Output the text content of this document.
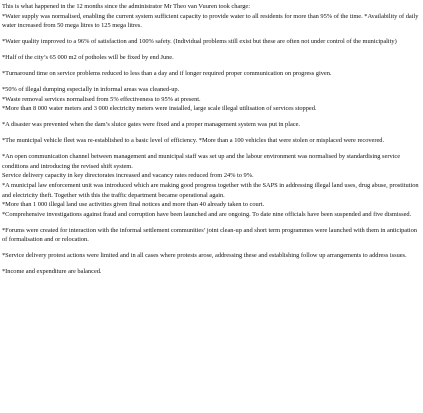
This is what happened in the 12 months since the administrator Mr Theo van Vuuren took charge:

*Water supply was normalised, enabling the current system sufficient capacity to provide water to all residents for more than 95% of the time. *Availability of daily water increased from 50 mega litres to 125 mega litres.

*Water quality improved to a 96% of satisfaction and 100% safety. (Individual problems still exist but these are often not under control of the municipality)

*Half of the city’s 65 000 m2 of potholes will be fixed by end June.

*Turnaround time on service problems reduced to less than a day and if longer required proper communication on progress given.

*50% of illegal dumping especially in informal areas was cleaned-up.

*Waste removal services normalised from 5% effectiveness to 95% at present.

*More than 8 000 water meters and 3 000 electricity meters were installed, large scale illegal utilisation of services stopped.

*A disaster was prevented when the dam’s sluice gates were fixed and a proper management system was put in place.

*The municipal vehicle fleet was re-established to a basic level of efficiency. *More than a 100 vehicles that were stolen or misplaced were recovered.

*An open communication channel between management and municipal staff was set up and the labour environment was normalised by standardising service conditions and introducing the revised shift system.

Service delivery capacity in key directorates increased and vacancy rates reduced from 24% to 9%.

*A municipal law enforcement unit was introduced which are making good progress together with the SAPS in addressing illegal land uses, drug abuse, prostitution and electricity theft. Together with this the traffic department became operational again.

*More than 1 000 illegal land use activities given final notices and more than 40 already taken to court.

*Comprehensive investigations against fraud and corruption have been launched and are ongoing. To date nine officials have been suspended and five dismissed.

*Forums were created for interaction with the informal settlement communities’ joint clean-up and short term programmes were launched with them in anticipation of formalisation and or relocation.

*Service delivery protest actions were limited and in all cases where protests arose, addressing these and establishing follow up arrangements to address issues.

*Income and expenditure are balanced.
